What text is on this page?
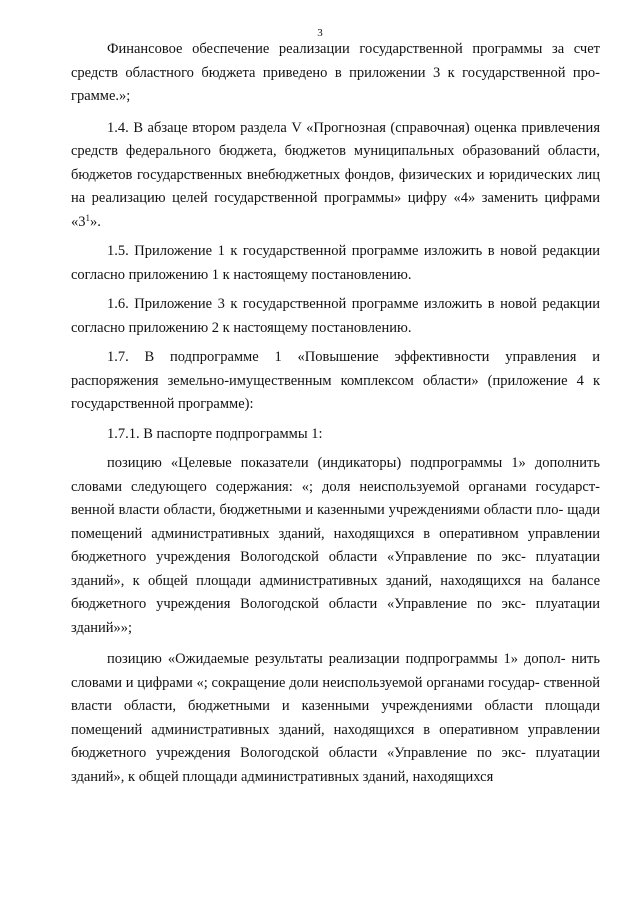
3

Финансовое обеспечение реализации государственной программы за счет средств областного бюджета приведено в приложении 3 к государственной про- грамме.»;

1.4. В абзаце втором раздела V «Прогнозная (справочная) оценка привлечения средств федерального бюджета, бюджетов муниципальных образований области, бюджетов государственных внебюджетных фондов, физических и юридических лиц на реализацию целей государственной программы» цифру «4» заменить цифрами «$3^1$».

1.5. Приложение 1 к государственной программе изложить в новой редакции согласно приложению 1 к настоящему постановлению.

1.6. Приложение 3 к государственной программе изложить в новой редакции согласно приложению 2 к настоящему постановлению.

1.7. В подпрограмме 1 «Повышение эффективности управления и распоряжения земельно-имущественным комплексом области» (приложение 4 к государственной программе):

1.7.1. В паспорте подпрограммы 1:

позицию «Целевые показатели (индикаторы) подпрограммы 1» дополнить словами следующего содержания: «; доля неиспользуемой органами государст- венной власти области, бюджетными и казенными учреждениями области пло- щади помещений административных зданий, находящихся в оперативном управлении бюджетного учреждения Вологодской области «Управление по экс- плуатации зданий», к общей площади административных зданий, находящихся на балансе бюджетного учреждения Вологодской области «Управление по экс- плуатации зданий»»;

позицию «Ожидаемые результаты реализации подпрограммы 1» допол- нить словами и цифрами «; сокращение доли неиспользуемой органами государ- ственной власти области, бюджетными и казенными учреждениями области площади помещений административных зданий, находящихся в оперативном управлении бюджетного учреждения Вологодской области «Управление по экс- плуатации зданий», к общей площади административных зданий, находящихся
